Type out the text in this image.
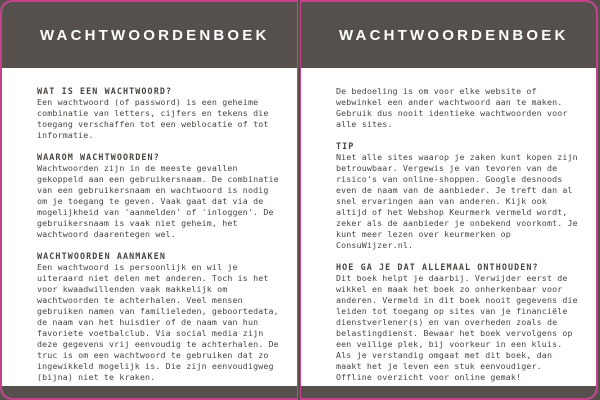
WACHTWOORDENBOEK

WAT IS EEN WACHTWOORD?

Een wachtwoord (of password) is een geheime combinatie van letters, cijfers en tekens die toegang verschaffen tot een weblocatie of tot informatie.

WAAROM WACHTWOORDEN?

Wachtwoorden zijn in de meeste gevallen gekoppeld aan een gebruikersnaam. De combinatie van een gebruikersnaam en wachtwoord is nodig om je toegang te geven. Vaak gaat dat via de mogelijkheid van 'aanmelden' of 'inloggen'. De gebruikersnaam is vaak niet geheim, het wachtwoord daarentegen wel.

WACHTWOORDEN AANMAKEN

Een wachtwoord is persoonlijk en wil je uiteraard niet delen met anderen. Toch is het voor kwaadwillenden vaak makkelijk om wachtwoorden te achterhalen. Veel mensen gebruiken namen van familieleden, geboortedata, de naam van het huisdier of de naam van hun favoriete voetbalclub. Via social media zijn deze gegevens vrij eenvoudig te achterhalen. De truc is om een wachtwoord te gebruiken dat zo ingewikkeld mogelijk is. Die zijn eenvoudigweg (bijna) niet te kraken.

WACHTWOORDENBOEK

De bedoeling is om voor elke website of webwinkel een ander wachtwoord aan te maken. Gebruik dus nooit identieke wachtwoorden voor alle sites.

TIP

Niet alle sites waarop je zaken kunt kopen zijn betrouwbaar. Vergewis je van tevoren van de risico's van online-shoppen. Google desnoods even de naam van de aanbieder. Je treft dan al snel ervaringen aan van anderen. Kijk ook altijd of het Webshop Keurmerk vermeld wordt, zeker als de aanbieder je onbekend voorkomt. Je kunt meer lezen over keurmerken op ConsuWijzer.nl.

HOE GA JE DAT ALLEMAAL ONTHOUDEN?

Dit boek helpt je daarbij. Verwijder eerst de wikkel en maak het boek zo onherkenbaar voor anderen. Vermeld in dit boek nooit gegevens die leiden tot toegang op sites van je financiële dienstverlener(s) en van overheden zoals de belastingdienst. Bewaar het boek vervolgens op een veilige plek, bij voorkeur in een kluis. Als je verstandig omgaat met dit boek, dan maakt het je leven een stuk eenvoudiger. Offline overzicht voor online gemak!
